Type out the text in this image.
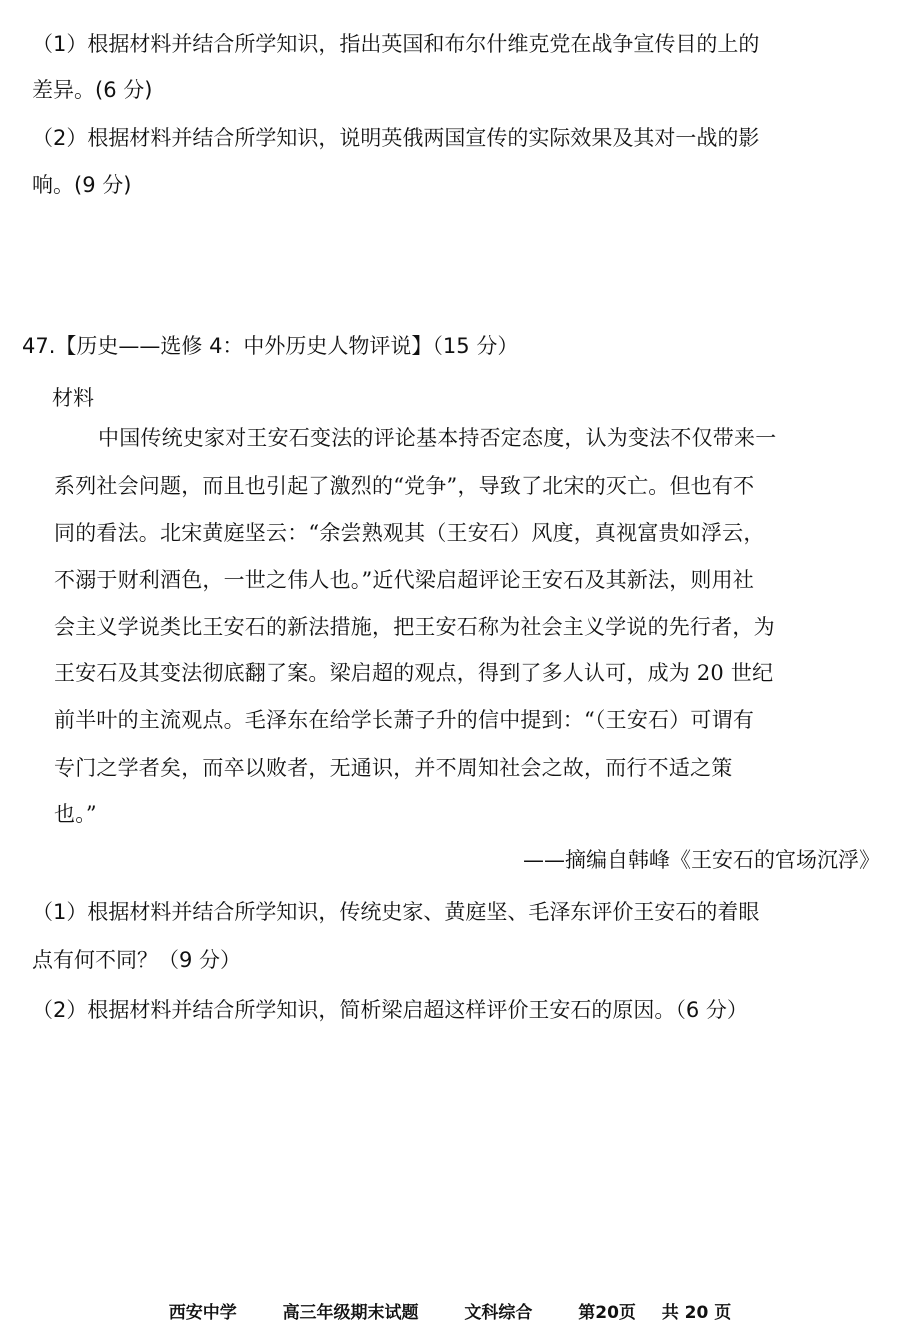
（1）根据材料并结合所学知识，指出英国和布尔什维克党在战争宣传目的上的
差异。(6 分)
（2）根据材料并结合所学知识，说明英俄两国宣传的实际效果及其对一战的影
响。(9 分)
47.【历史——选修 4：中外历史人物评说】（15 分）
材料
中国传统史家对王安石变法的评论基本持否定态度，认为变法不仅带来一
系列社会问题，而且也引起了激烈的“党争”，导致了北宋的灭亡。但也有不
同的看法。北宋黄庭坚云：“余尝熟观其（王安石）风度，真视富贵如浮云，
不溺于财利酒色，一世之伟人也。”近代梁启超评论王安石及其新法，则用社
会主义学说类比王安石的新法措施，把王安石称为社会主义学说的先行者，为
王安石及其变法彻底翻了案。梁启超的观点，得到了多人认可，成为 20 世纪
前半叶的主流观点。毛泽东在给学长萧子升的信中提到：“（王安石）可谓有
专门之学者矣，而卒以败者，无通识，并不周知社会之故，而行不适之策
也。”
——摘编自韩峰《王安石的官场沉浮》
（1）根据材料并结合所学知识，传统史家、黄庭坚、毛泽东评价王安石的着眼
点有何不同？（9 分）
（2）根据材料并结合所学知识，简析梁启超这样评价王安石的原因。（6 分）
西安中学	高三年级期末试题	文科综合	第20页 共 20 页
